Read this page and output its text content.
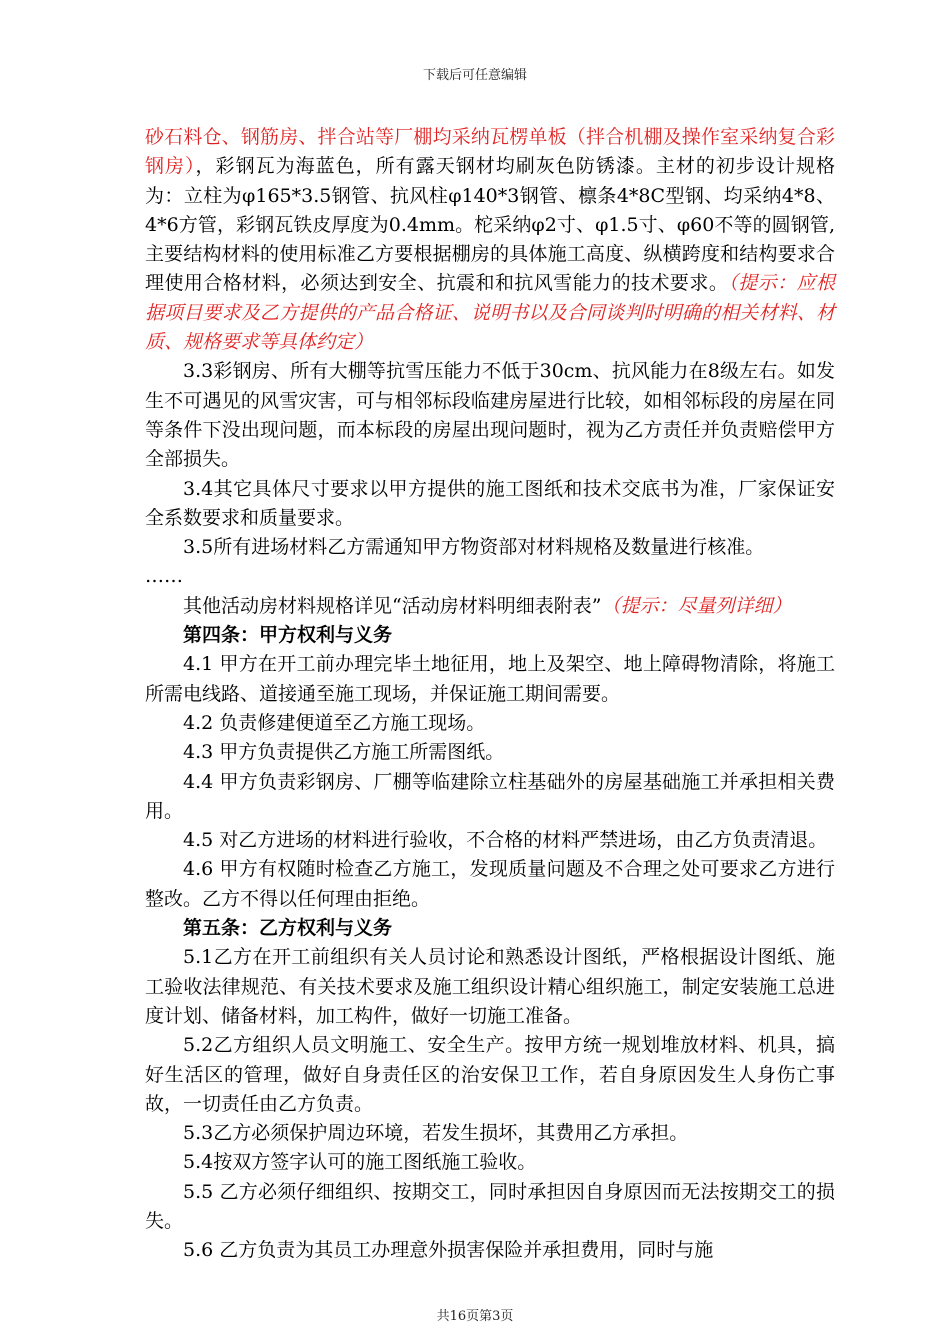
下载后可任意编辑

砂石料仓、钢筋房、拌合站等厂棚均采纳瓦楞单板（拌合机棚及操作室采纳复合彩钢房），彩钢瓦为海蓝色，所有露天钢材均刷灰色防锈漆。主材的初步设计规格为：立柱为φ165*3.5钢管、抗风柱φ140*3钢管、檩条4*8C型钢、均采纳4*8、4*6方管，彩钢瓦铁皮厚度为0.4mm。柁采纳φ2寸、φ1.5寸、φ60不等的圆钢管,主要结构材料的使用标准乙方要根据棚房的具体施工高度、纵横跨度和结构要求合理使用合格材料，必须达到安全、抗震和和抗风雪能力的技术要求。（提示：应根据项目要求及乙方提供的产品合格证、说明书以及合同谈判时明确的相关材料、材质、规格要求等具体约定）

3.3彩钢房、所有大棚等抗雪压能力不低于30cm、抗风能力在8级左右。如发生不可遇见的风雪灾害，可与相邻标段临建房屋进行比较，如相邻标段的房屋在同等条件下没出现问题，而本标段的房屋出现问题时，视为乙方责任并负责赔偿甲方全部损失。

3.4其它具体尺寸要求以甲方提供的施工图纸和技术交底书为准，厂家保证安全系数要求和质量要求。

3.5所有进场材料乙方需通知甲方物资部对材料规格及数量进行核准。

……

其他活动房材料规格详见“活动房材料明细表附表”（提示：尽量列详细）

第四条：甲方权利与义务

4.1 甲方在开工前办理完毕土地征用，地上及架空、地上障碍物清除，将施工所需电线路、道接通至施工现场，并保证施工期间需要。

4.2 负责修建便道至乙方施工现场。

4.3 甲方负责提供乙方施工所需图纸。

4.4 甲方负责彩钢房、厂棚等临建除立柱基础外的房屋基础施工并承担相关费用。

4.5 对乙方进场的材料进行验收，不合格的材料严禁进场，由乙方负责清退。

4.6 甲方有权随时检查乙方施工，发现质量问题及不合理之处可要求乙方进行整改。乙方不得以任何理由拒绝。

第五条：乙方权利与义务

5.1乙方在开工前组织有关人员讨论和熟悉设计图纸，严格根据设计图纸、施工验收法律规范、有关技术要求及施工组织设计精心组织施工，制定安装施工总进度计划、储备材料，加工构件，做好一切施工准备。

5.2乙方组织人员文明施工、安全生产。按甲方统一规划堆放材料、机具，搞好生活区的管理，做好自身责任区的治安保卫工作，若自身原因发生人身伤亡事故，一切责任由乙方负责。

5.3乙方必须保护周边环境，若发生损坏，其费用乙方承担。

5.4按双方签字认可的施工图纸施工验收。

5.5 乙方必须仔细组织、按期交工，同时承担因自身原因而无法按期交工的损失。

5.6 乙方负责为其员工办理意外损害保险并承担费用，同时与施

共16页第3页
